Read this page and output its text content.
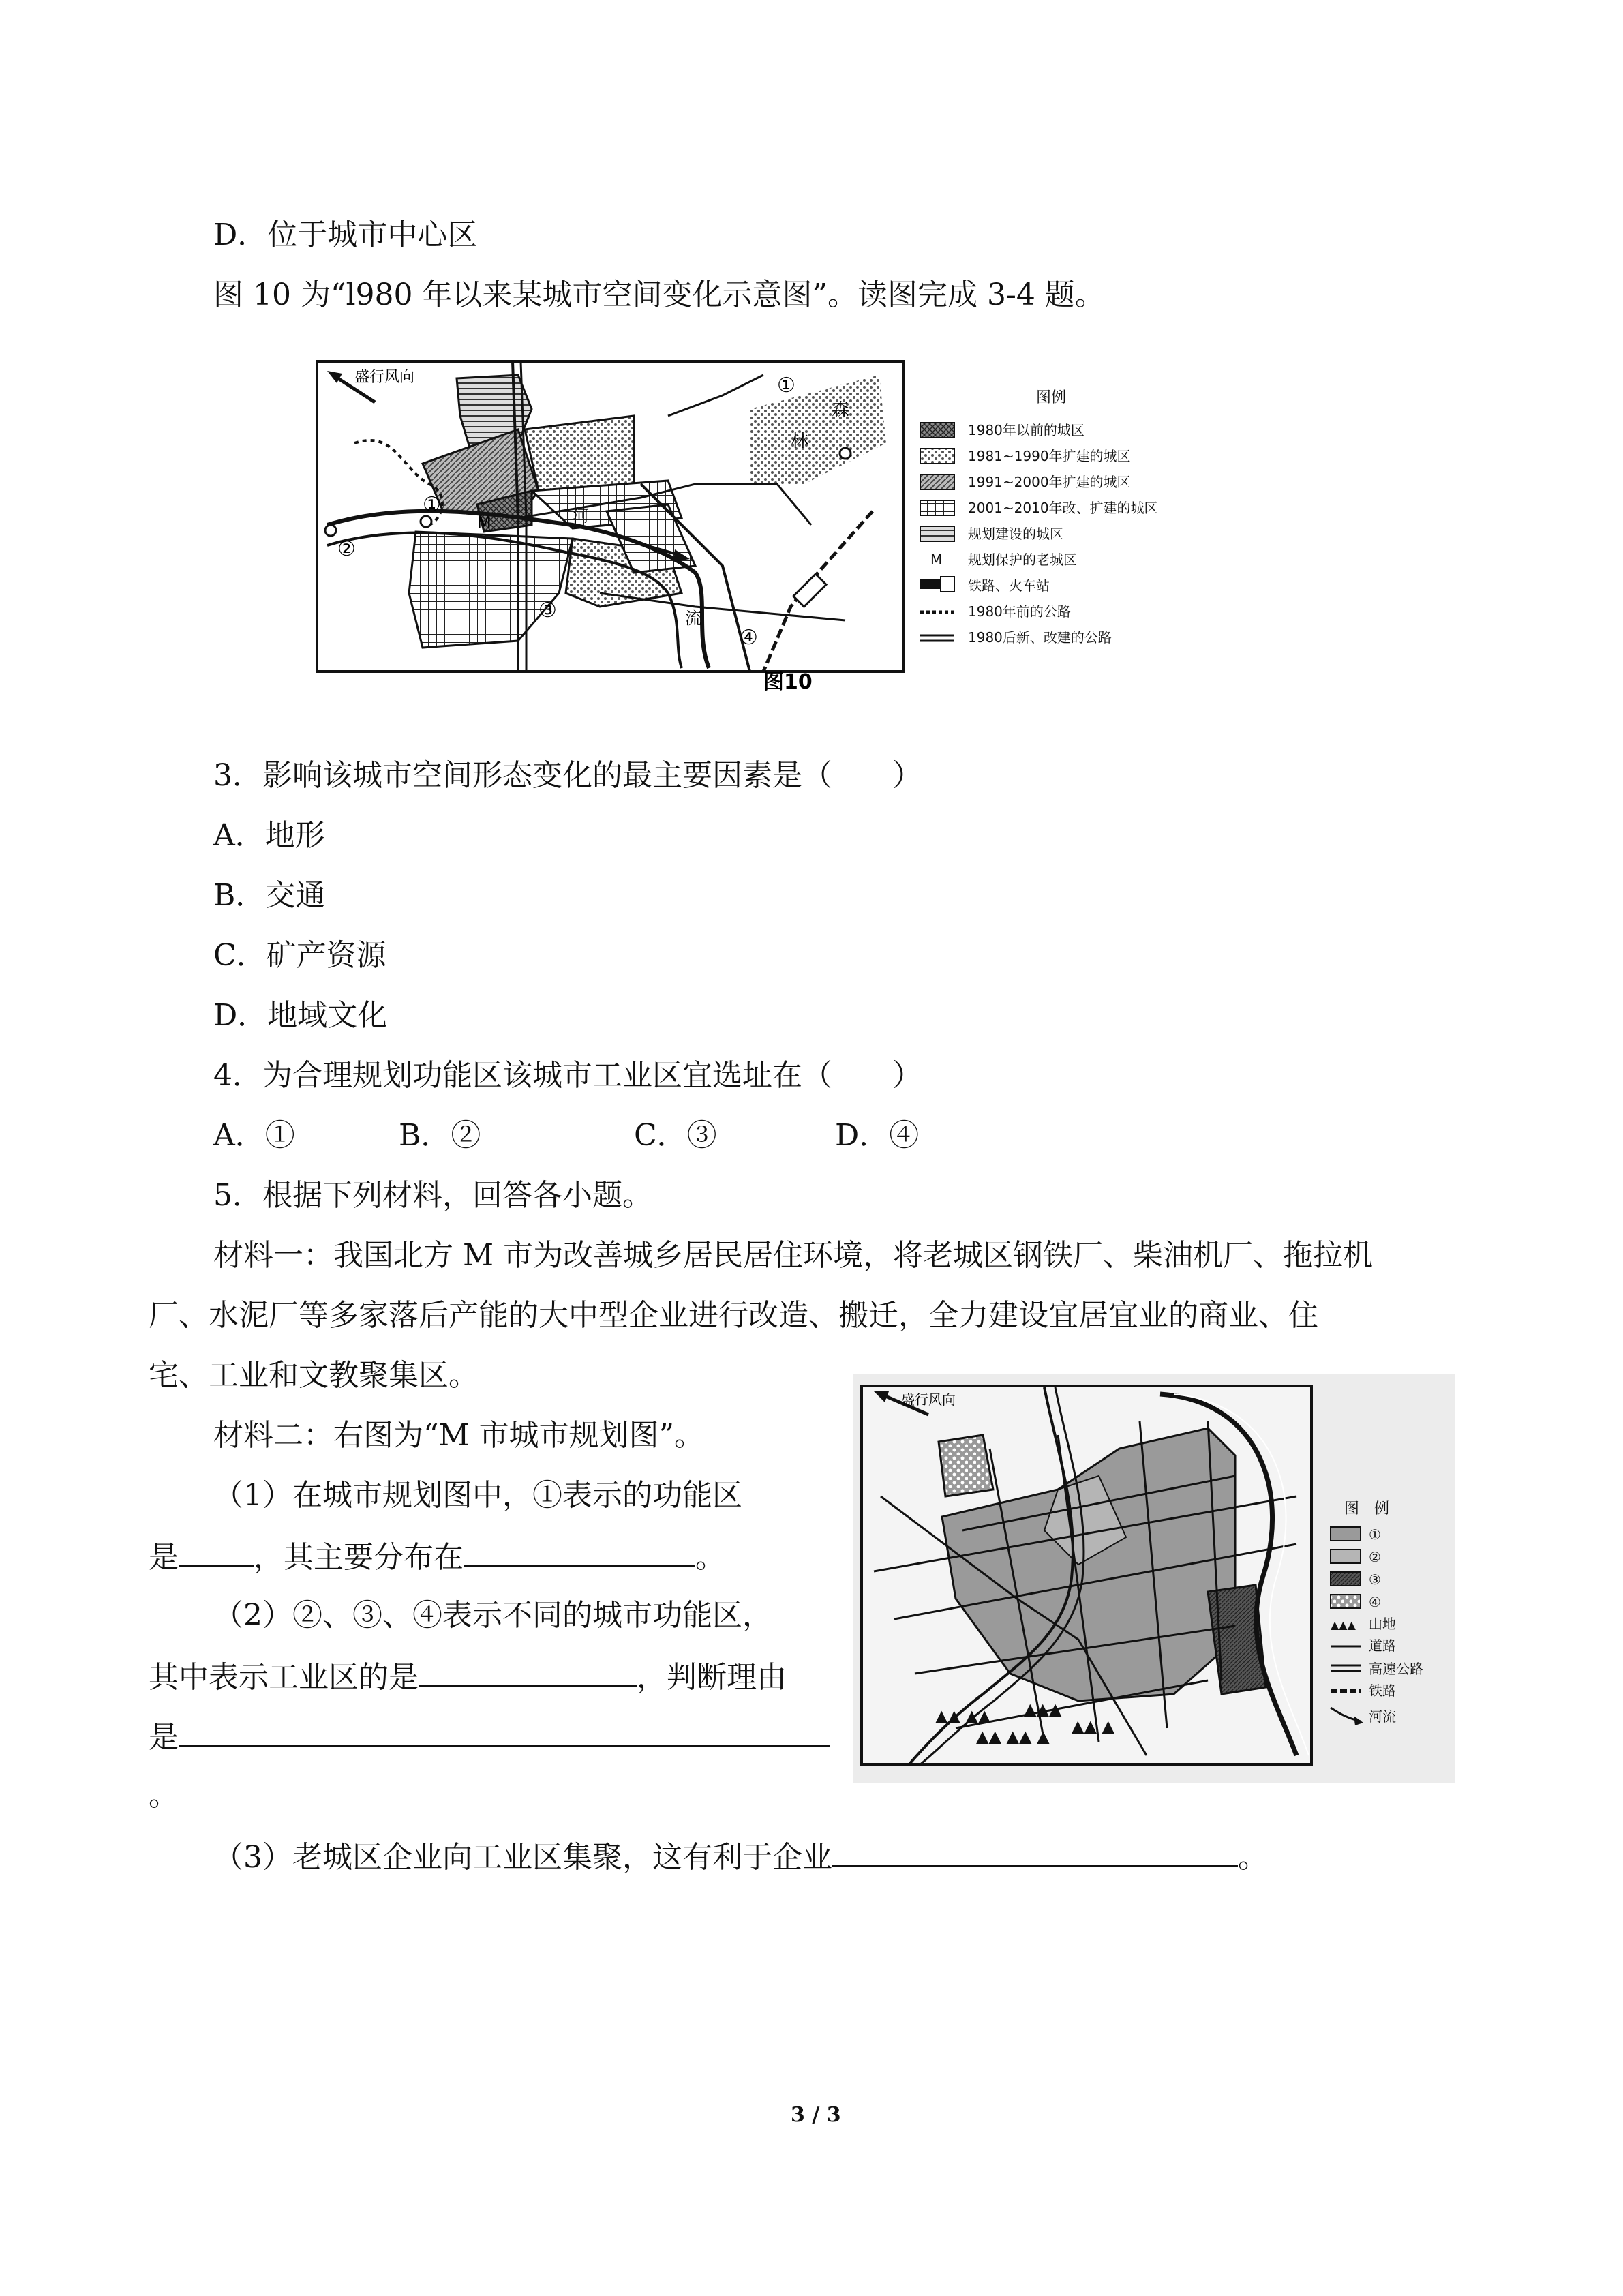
D．位于城市中心区
图 10 为“l980 年以来某城市空间变化示意图”。读图完成 3-4 题。
盛行风向
①
②
③
④
M	河
流
森
林
①
图例
1980年以前的城区
1981~1990年扩建的城区
1991~2000年扩建的城区
2001~2010年改、扩建的城区
规划建设的城区
M 规划保护的老城区
铁路、火车站
1980年前的公路
1980后新、改建的公路
图10
3．影响该城市空间形态变化的最主要因素是（　　）
A．地形
B．交通
C．矿产资源
D．地域文化
4．为合理规划功能区该城市工业区宜选址在（　　）
A．①	B．②	C．③	D．④
5．根据下列材料，回答各小题。
材料一：我国北方 M 市为改善城乡居民居住环境，将老城区钢铁厂、柴油机厂、拖拉机
厂、水泥厂等多家落后产能的大中型企业进行改造、搬迁，全力建设宜居宜业的商业、住
宅、工业和文教聚集区。
材料二：右图为“M 市城市规划图”。
（1）在城市规划图中，①表示的功能区
是	，其主要分布在	。
（2）②、③、④表示不同的城市功能区，
其中表示工业区的是	，判断理由
是
。
（3）老城区企业向工业区集聚，这有利于企业	。
盛行风向
▲▲ ▲▲
▲▲ ▲▲ ▲
▲▲▲
▲▲ ▲
图　例
①
②
③
④
▲▲▲ 山地
道路
高速公路
铁路
河流
3 / 3
